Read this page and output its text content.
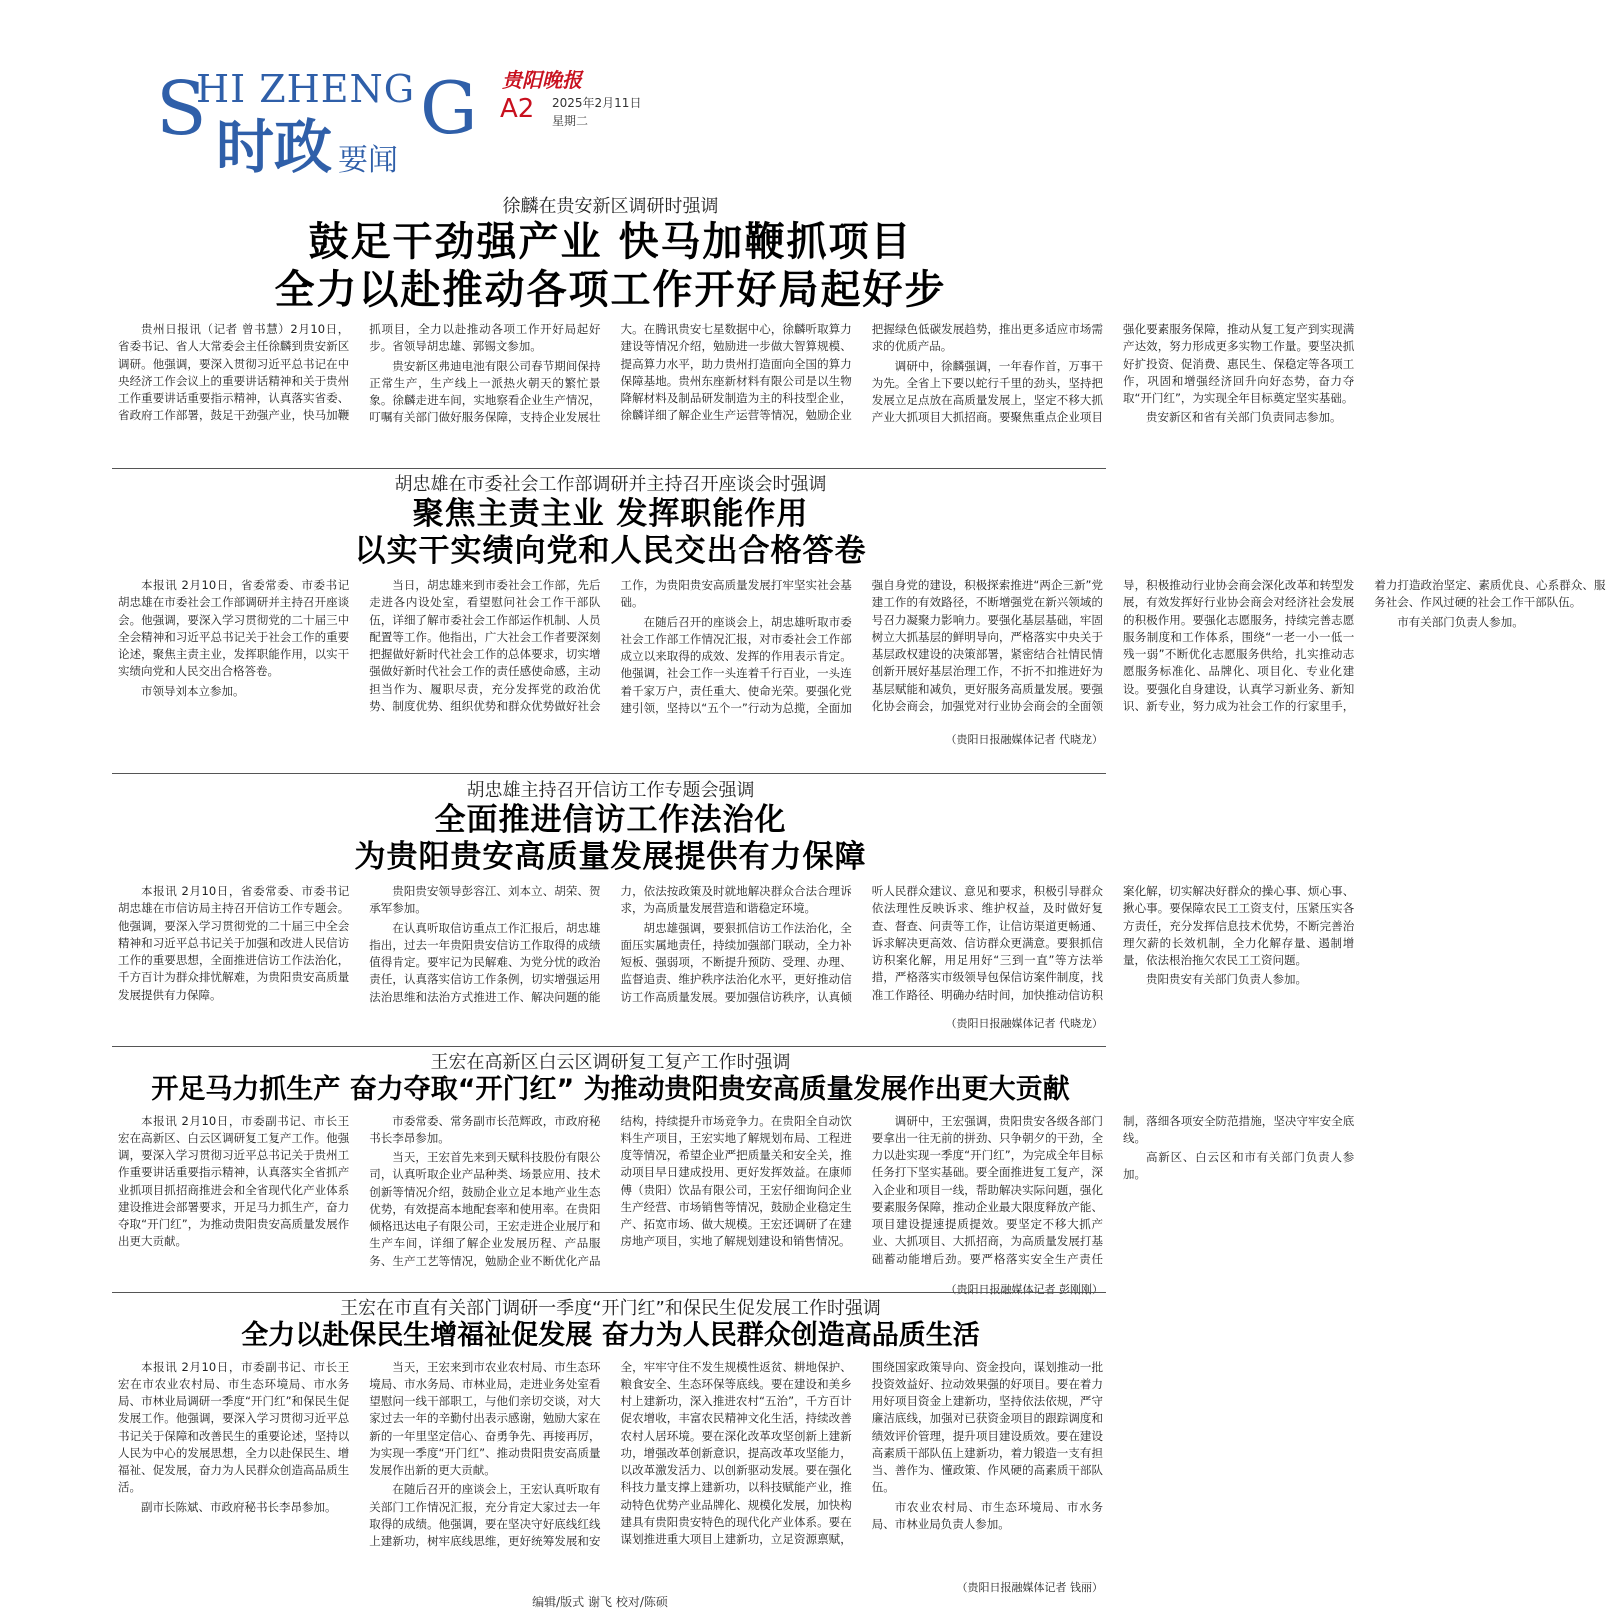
S
HI ZHENG G
时政 要闻
贵阳晚报
A2 2025年2月11日
星期二
徐麟在贵安新区调研时强调
鼓足干劲强产业 快马加鞭抓项目
全力以赴推动各项工作开好局起好步

贵州日报讯（记者 曾书慧）2月10日，省委书记、省人大常委会主任徐麟到贵安新区调研。他强调，要深入贯彻习近平总书记在中央经济工作会议上的重要讲话精神和关于贵州工作重要讲话重要指示精神，认真落实省委、省政府工作部署，鼓足干劲强产业，快马加鞭抓项目，全力以赴推动各项工作开好局起好步。省领导胡忠雄、郭锡文参加。

贵安新区弗迪电池有限公司春节期间保持正常生产，生产线上一派热火朝天的繁忙景象。徐麟走进车间，实地察看企业生产情况，叮嘱有关部门做好服务保障，支持企业发展壮大。在腾讯贵安七星数据中心，徐麟听取算力建设等情况介绍，勉励进一步做大智算规模、提高算力水平，助力贵州打造面向全国的算力保障基地。贵州东座新材料有限公司是以生物降解材料及制品研发制造为主的科技型企业，徐麟详细了解企业生产运营等情况，勉励企业把握绿色低碳发展趋势，推出更多适应市场需求的优质产品。

调研中，徐麟强调，一年春作首，万事干为先。全省上下要以蛇行千里的劲头，坚持把发展立足点放在高质量发展上，坚定不移大抓产业大抓项目大抓招商。要聚焦重点企业项目强化要素服务保障，推动从复工复产到实现满产达效，努力形成更多实物工作量。要坚决抓好扩投资、促消费、惠民生、保稳定等各项工作，巩固和增强经济回升向好态势，奋力夺取“开门红”，为实现全年目标奠定坚实基础。

贵安新区和省有关部门负责同志参加。

胡忠雄在市委社会工作部调研并主持召开座谈会时强调
聚焦主责主业 发挥职能作用
以实干实绩向党和人民交出合格答卷

本报讯 2月10日，省委常委、市委书记胡忠雄在市委社会工作部调研并主持召开座谈会。他强调，要深入学习贯彻党的二十届三中全会精神和习近平总书记关于社会工作的重要论述，聚焦主责主业，发挥职能作用，以实干实绩向党和人民交出合格答卷。

市领导刘本立参加。

当日，胡忠雄来到市委社会工作部，先后走进各内设处室，看望慰问社会工作干部队伍，详细了解市委社会工作部运作机制、人员配置等工作。他指出，广大社会工作者要深刻把握做好新时代社会工作的总体要求，切实增强做好新时代社会工作的责任感使命感，主动担当作为、履职尽责，充分发挥党的政治优势、制度优势、组织优势和群众优势做好社会工作，为贵阳贵安高质量发展打牢坚实社会基础。

在随后召开的座谈会上，胡忠雄听取市委社会工作部工作情况汇报，对市委社会工作部成立以来取得的成效、发挥的作用表示肯定。他强调，社会工作一头连着千行百业，一头连着千家万户，责任重大、使命光荣。要强化党建引领，坚持以“五个一”行动为总揽，全面加强自身党的建设，积极探索推进“两企三新”党建工作的有效路径，不断增强党在新兴领域的号召力凝聚力影响力。要强化基层基础，牢固树立大抓基层的鲜明导向，严格落实中央关于基层政权建设的决策部署，紧密结合社情民情创新开展好基层治理工作，不折不扣推进好为基层赋能和减负，更好服务高质量发展。要强化协会商会，加强党对行业协会商会的全面领导，积极推动行业协会商会深化改革和转型发展，有效发挥好行业协会商会对经济社会发展的积极作用。要强化志愿服务，持续完善志愿服务制度和工作体系，围绕“一老一小一低一残一弱”不断优化志愿服务供给，扎实推动志愿服务标准化、品牌化、项目化、专业化建设。要强化自身建设，认真学习新业务、新知识、新专业，努力成为社会工作的行家里手，着力打造政治坚定、素质优良、心系群众、服务社会、作风过硬的社会工作干部队伍。

市有关部门负责人参加。

（贵阳日报融媒体记者 代晓龙）
胡忠雄主持召开信访工作专题会强调
全面推进信访工作法治化
为贵阳贵安高质量发展提供有力保障

本报讯 2月10日，省委常委、市委书记胡忠雄在市信访局主持召开信访工作专题会。他强调，要深入学习贯彻党的二十届三中全会精神和习近平总书记关于加强和改进人民信访工作的重要思想，全面推进信访工作法治化，千方百计为群众排忧解难，为贵阳贵安高质量发展提供有力保障。

贵阳贵安领导彭容江、刘本立、胡荣、贺承军参加。

在认真听取信访重点工作汇报后，胡忠雄指出，过去一年贵阳贵安信访工作取得的成绩值得肯定。要牢记为民解难、为党分忧的政治责任，认真落实信访工作条例，切实增强运用法治思维和法治方式推进工作、解决问题的能力，依法按政策及时就地解决群众合法合理诉求，为高质量发展营造和谐稳定环境。

胡忠雄强调，要狠抓信访工作法治化，全面压实属地责任，持续加强部门联动，全力补短板、强弱项，不断提升预防、受理、办理、监督追责、维护秩序法治化水平，更好推动信访工作高质量发展。要加强信访秩序，认真倾听人民群众建议、意见和要求，积极引导群众依法理性反映诉求、维护权益，及时做好复查、督查、问责等工作，让信访渠道更畅通、诉求解决更高效、信访群众更满意。要狠抓信访积案化解，用足用好“三到一直”等方法举措，严格落实市级领导包保信访案件制度，找准工作路径、明确办结时间，加快推动信访积案化解，切实解决好群众的操心事、烦心事、揪心事。要保障农民工工资支付，压紧压实各方责任，充分发挥信息技术优势，不断完善治理欠薪的长效机制，全力化解存量、遏制增量，依法根治拖欠农民工工资问题。

贵阳贵安有关部门负责人参加。

（贵阳日报融媒体记者 代晓龙）
王宏在高新区白云区调研复工复产工作时强调
开足马力抓生产 奋力夺取“开门红” 为推动贵阳贵安高质量发展作出更大贡献

本报讯 2月10日，市委副书记、市长王宏在高新区、白云区调研复工复产工作。他强调，要深入学习贯彻习近平总书记关于贵州工作重要讲话重要指示精神，认真落实全省抓产业抓项目抓招商推进会和全省现代化产业体系建设推进会部署要求，开足马力抓生产，奋力夺取“开门红”，为推动贵阳贵安高质量发展作出更大贡献。

市委常委、常务副市长范辉政，市政府秘书长李昂参加。

当天，王宏首先来到天赋科技股份有限公司，认真听取企业产品种类、场景应用、技术创新等情况介绍，鼓励企业立足本地产业生态优势，有效提高本地配套率和使用率。在贵阳倾格迅达电子有限公司，王宏走进企业展厅和生产车间，详细了解企业发展历程、产品服务、生产工艺等情况，勉励企业不断优化产品结构，持续提升市场竞争力。在贵阳全自动饮料生产项目，王宏实地了解规划布局、工程进度等情况，希望企业严把质量关和安全关，推动项目早日建成投用、更好发挥效益。在康师傅（贵阳）饮品有限公司，王宏仔细询问企业生产经营、市场销售等情况，鼓励企业稳定生产、拓宽市场、做大规模。王宏还调研了在建房地产项目，实地了解规划建设和销售情况。

调研中，王宏强调，贵阳贵安各级各部门要拿出一往无前的拼劲、只争朝夕的干劲，全力以赴实现一季度“开门红”，为完成全年目标任务打下坚实基础。要全面推进复工复产，深入企业和项目一线，帮助解决实际问题，强化要素服务保障，推动企业最大限度释放产能、项目建设提速提质提效。要坚定不移大抓产业、大抓项目、大抓招商，为高质量发展打基础蓄动能增后劲。要严格落实安全生产责任制，落细各项安全防范措施，坚决守牢安全底线。

高新区、白云区和市有关部门负责人参加。

（贵阳日报融媒体记者 彭刚刚）
王宏在市直有关部门调研一季度“开门红”和保民生促发展工作时强调
全力以赴保民生增福祉促发展 奋力为人民群众创造高品质生活

本报讯 2月10日，市委副书记、市长王宏在市农业农村局、市生态环境局、市水务局、市林业局调研一季度“开门红”和保民生促发展工作。他强调，要深入学习贯彻习近平总书记关于保障和改善民生的重要论述，坚持以人民为中心的发展思想，全力以赴保民生、增福祉、促发展，奋力为人民群众创造高品质生活。

副市长陈斌、市政府秘书长李昂参加。

当天，王宏来到市农业农村局、市生态环境局、市水务局、市林业局，走进业务处室看望慰问一线干部职工，与他们亲切交谈，对大家过去一年的辛勤付出表示感谢，勉励大家在新的一年里坚定信心、奋勇争先、再接再厉，为实现一季度“开门红”、推动贵阳贵安高质量发展作出新的更大贡献。

在随后召开的座谈会上，王宏认真听取有关部门工作情况汇报，充分肯定大家过去一年取得的成绩。他强调，要在坚决守好底线红线上建新功，树牢底线思维，更好统筹发展和安全，牢牢守住不发生规模性返贫、耕地保护、粮食安全、生态环保等底线。要在建设和美乡村上建新功，深入推进农村“五治”，千方百计促农增收，丰富农民精神文化生活，持续改善农村人居环境。要在深化改革攻坚创新上建新功，增强改革创新意识，提高改革攻坚能力，以改革激发活力、以创新驱动发展。要在强化科技力量支撑上建新功，以科技赋能产业，推动特色优势产业品牌化、规模化发展，加快构建具有贵阳贵安特色的现代化产业体系。要在谋划推进重大项目上建新功，立足资源禀赋，围绕国家政策导向、资金投向，谋划推动一批投资效益好、拉动效果强的好项目。要在着力用好项目资金上建新功，坚持依法依规，严守廉洁底线，加强对已获资金项目的跟踪调度和绩效评价管理，提升项目建设质效。要在建设高素质干部队伍上建新功，着力锻造一支有担当、善作为、懂政策、作风硬的高素质干部队伍。

市农业农村局、市生态环境局、市水务局、市林业局负责人参加。

（贵阳日报融媒体记者 钱丽）
编辑/版式 谢飞 校对/陈硕
